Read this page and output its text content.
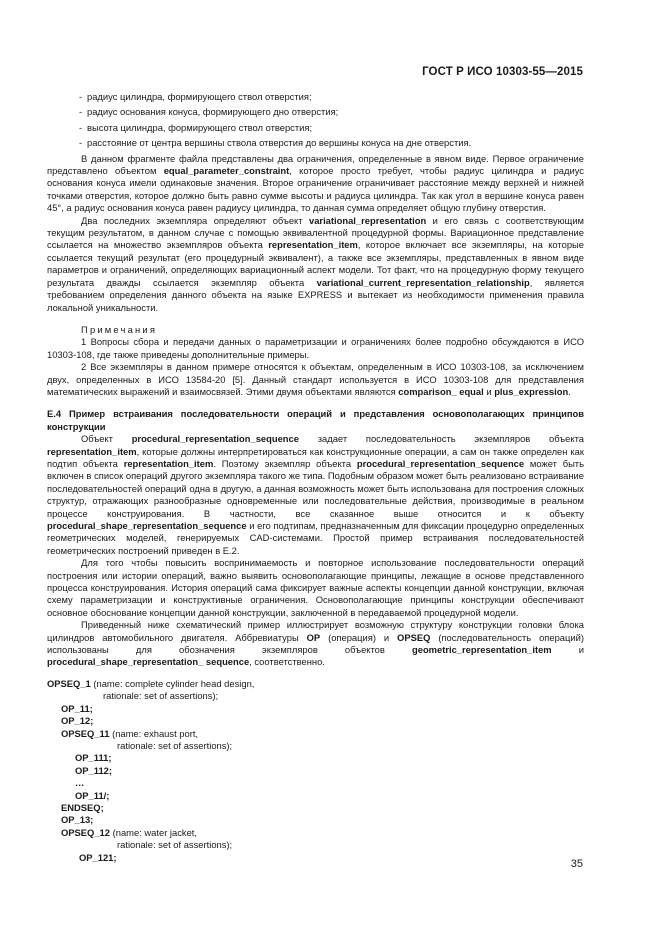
ГОСТ Р ИСО 10303-55—2015

- радиус цилиндра, формирующего ствол отверстия;

- радиус основания конуса, формирующего дно отверстия;

- высота цилиндра, формирующего ствол отверстия;

- расстояние от центра вершины ствола отверстия до вершины конуса на дне отверстия.

В данном фрагменте файла представлены два ограничения, определенные в явном виде. Первое ограничение представлено объектом equal_parameter_constraint, которое просто требует, чтобы радиус цилиндра и радиус основания конуса имели одинаковые значения. Второе ограничение ограничивает расстояние между верхней и нижней точками отверстия, которое должно быть равно сумме высоты и радиуса цилиндра. Так как угол в вершине конуса равен 45°, а радиус основания конуса равен радиусу цилиндра, то данная сумма определяет общую глубину отверстия.

Два последних экземпляра определяют объект variational_representation и его связь с соответствующим текущим результатом, в данном случае с помощью эквивалентной процедурной формы. Вариационное представление ссылается на множество экземпляров объекта representation_item, которое включает все экземпляры, на которые ссылается текущий результат (его процедурный эквивалент), а также все экземпляры, представленных в явном виде параметров и ограничений, определяющих вариационный аспект модели. Тот факт, что на процедурную форму текущего результата дважды ссылается экземпляр объекта variational_current_representation_relationship, является требованием определения данного объекта на языке EXPRESS и вытекает из необходимости применения правила локальной уникальности.

Примечания

1 Вопросы сбора и передачи данных о параметризации и ограничениях более подробно обсуждаются в ИСО 10303-108, где также приведены дополнительные примеры.

2 Все экземпляры в данном примере относятся к объектам, определенным в ИСО 10303-108, за исключением двух, определенных в ИСО 13584-20 [5]. Данный стандарт используется в ИСО 10303-108 для представления математических выражений и взаимосвязей. Этими двумя объектами являются comparison_ equal и plus_expression.

Е.4 Пример встраивания последовательности операций и представления основополагающих принципов конструкции

Объект procedural_representation_sequence задает последовательность экземпляров объекта representation_item, которые должны интерпретироваться как конструкционные операции, а сам он также определен как подтип объекта representation_item. Поэтому экземпляр объекта procedural_representation_sequence может быть включен в список операций другого экземпляра такого же типа. Подобным образом может быть реализовано встраивание последовательностей операций одна в другую, а данная возможность может быть использована для построения сложных структур, отражающих разнообразные одновременные или последовательные действия, производимые в реальном процессе конструирования. В частности, все сказанное выше относится и к объекту procedural_shape_representation_sequence и его подтипам, предназначенным для фиксации процедурно определенных геометрических моделей, генерируемых CAD-системами. Простой пример встраивания последовательностей геометрических построений приведен в Е.2.

Для того чтобы повысить воспринимаемость и повторное использование последовательности операций построения или истории операций, важно выявить основополагающие принципы, лежащие в основе представленного процесса конструирования. История операций сама фиксирует важные аспекты концепции данной конструкции, включая схему параметризации и конструктивные ограничения. Основополагающие принципы конструкции обеспечивают основное обоснование концепции данной конструкции, заключенной в передаваемой процедурной модели.

Приведенный ниже схематический пример иллюстрирует возможную структуру конструкции головки блока цилиндров автомобильного двигателя. Аббревиатуры OP (операция) и OPSEQ (последовательность операций) использованы для обозначения экземпляров объектов geometric_representation_item и procedural_shape_representation_ sequence, соответственно.

OPSEQ_1 (name: complete cylinder head design,
rationale: set of assertions);
OP_11;
OP_12;
OPSEQ_11 (name: exhaust port,
rationale: set of assertions);
OP_111;
OP_112;
…
OP_11/;
ENDSEQ;
OP_13;
OPSEQ_12 (name: water jacket,
rationale: set of assertions);
OP_121;
35
